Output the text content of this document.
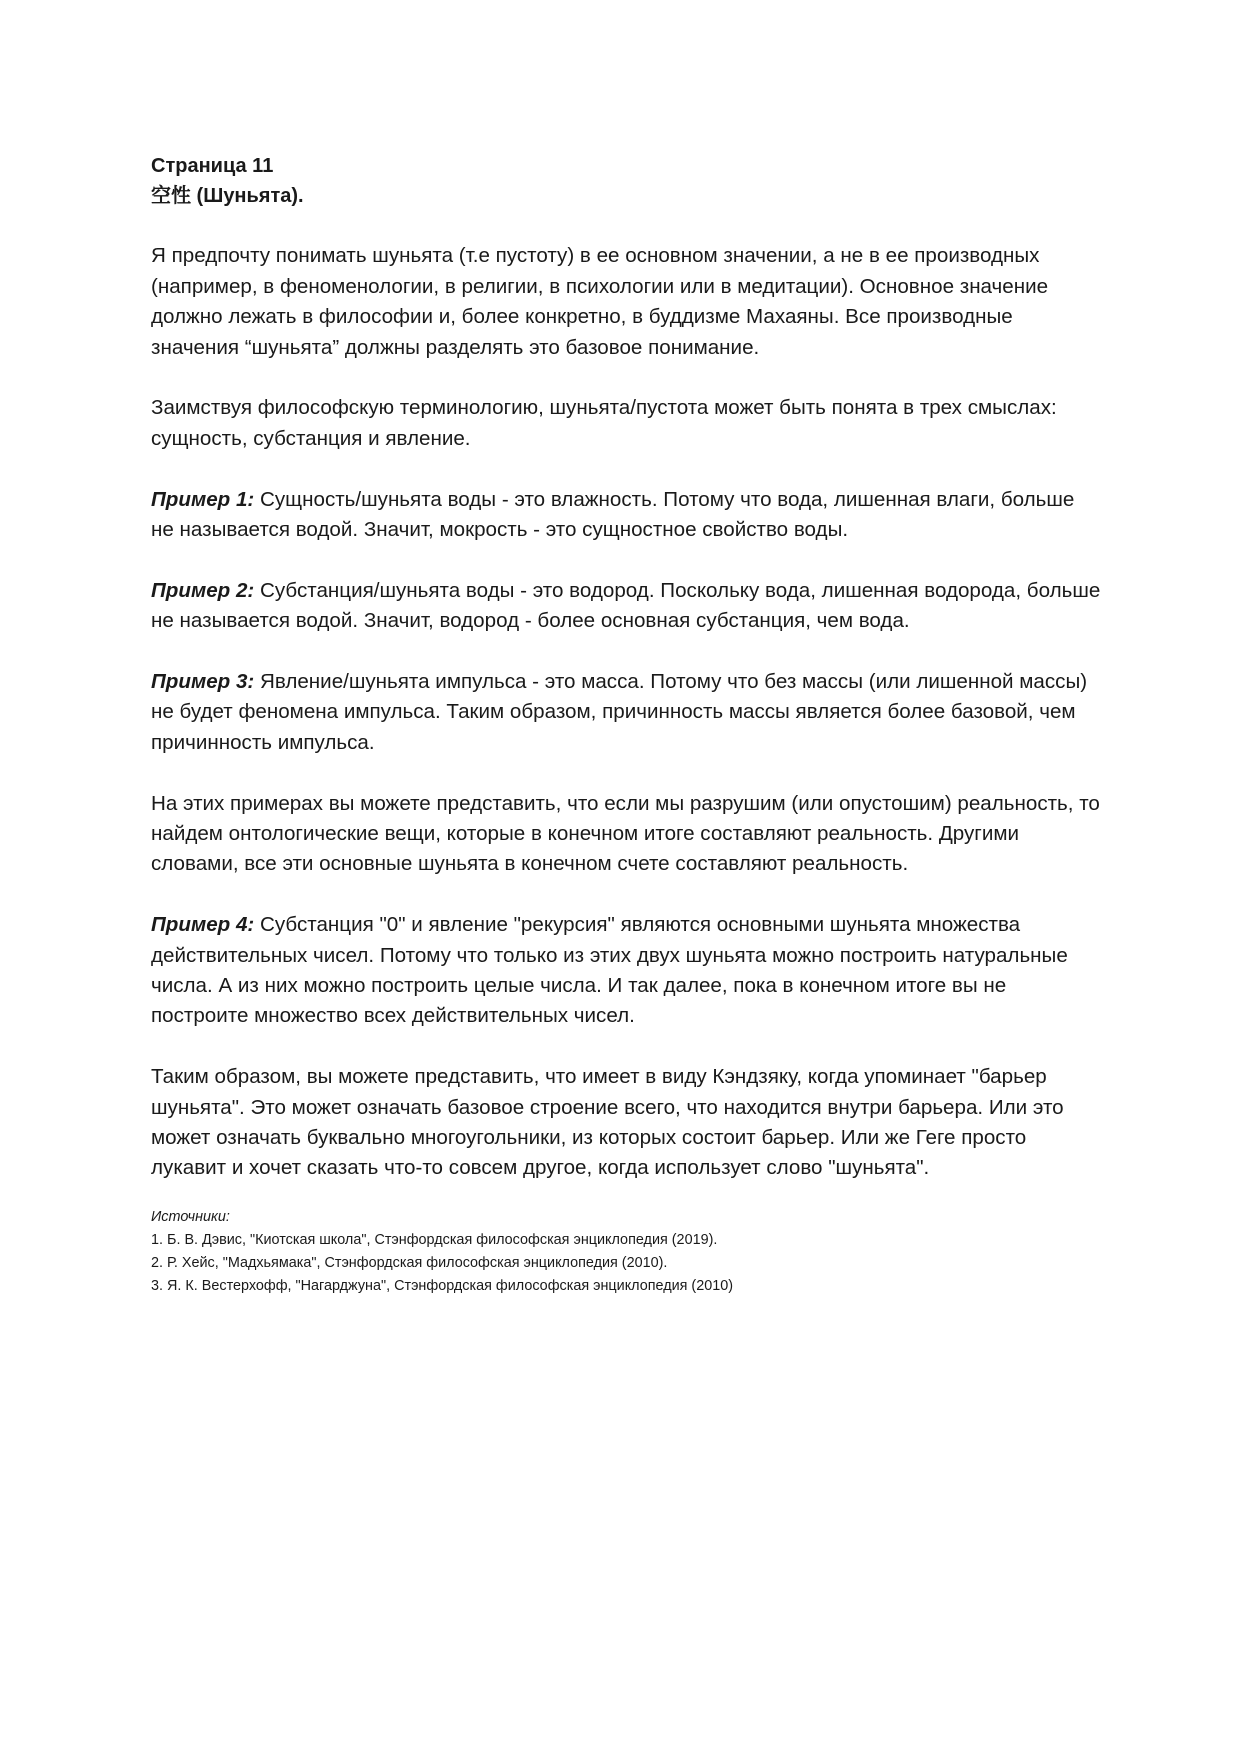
Страница 11
空性 (Шуньята).

Я предпочту понимать шуньята (т.е пустоту) в ее основном значении, а не в ее производных (например, в феноменологии, в религии, в психологии или в медитации). Основное значение должно лежать в философии и, более конкретно, в буддизме Махаяны. Все производные значения “шуньята” должны разделять это базовое понимание.

Заимствуя философскую терминологию, шуньята/пустота может быть понята в трех смыслах: сущность, субстанция и явление.

Пример 1: Сущность/шуньята воды - это влажность. Потому что вода, лишенная влаги, больше не называется водой. Значит, мокрость - это сущностное свойство воды.

Пример 2: Субстанция/шуньята воды - это водород. Поскольку вода, лишенная водорода, больше не называется водой. Значит, водород - более основная субстанция, чем вода.

Пример 3: Явление/шуньята импульса - это масса. Потому что без массы (или лишенной массы) не будет феномена импульса. Таким образом, причинность массы является более базовой, чем причинность импульса.

На этих примерах вы можете представить, что если мы разрушим (или опустошим) реальность, то найдем онтологические вещи, которые в конечном итоге составляют реальность. Другими словами, все эти основные шуньята в конечном счете составляют реальность.

Пример 4: Субстанция "0" и явление "рекурсия" являются основными шуньята множества действительных чисел. Потому что только из этих двух шуньята можно построить натуральные числа. А из них можно построить целые числа. И так далее, пока в конечном итоге вы не построите множество всех действительных чисел.

Таким образом, вы можете представить, что имеет в виду Кэндзяку, когда упоминает "барьер шуньята". Это может означать базовое строение всего, что находится внутри барьера. Или это может означать буквально многоугольники, из которых состоит барьер. Или же Геге просто лукавит и хочет сказать что-то совсем другое, когда использует слово "шуньята".

Источники:
1. Б. В. Дэвис, "Киотская школа", Стэнфордская философская энциклопедия (2019).
2. Р. Хейс, "Мадхьямака", Стэнфордская философская энциклопедия (2010).
3. Я. К. Вестерхофф, "Нагарджуна", Стэнфордская философская энциклопедия (2010)
